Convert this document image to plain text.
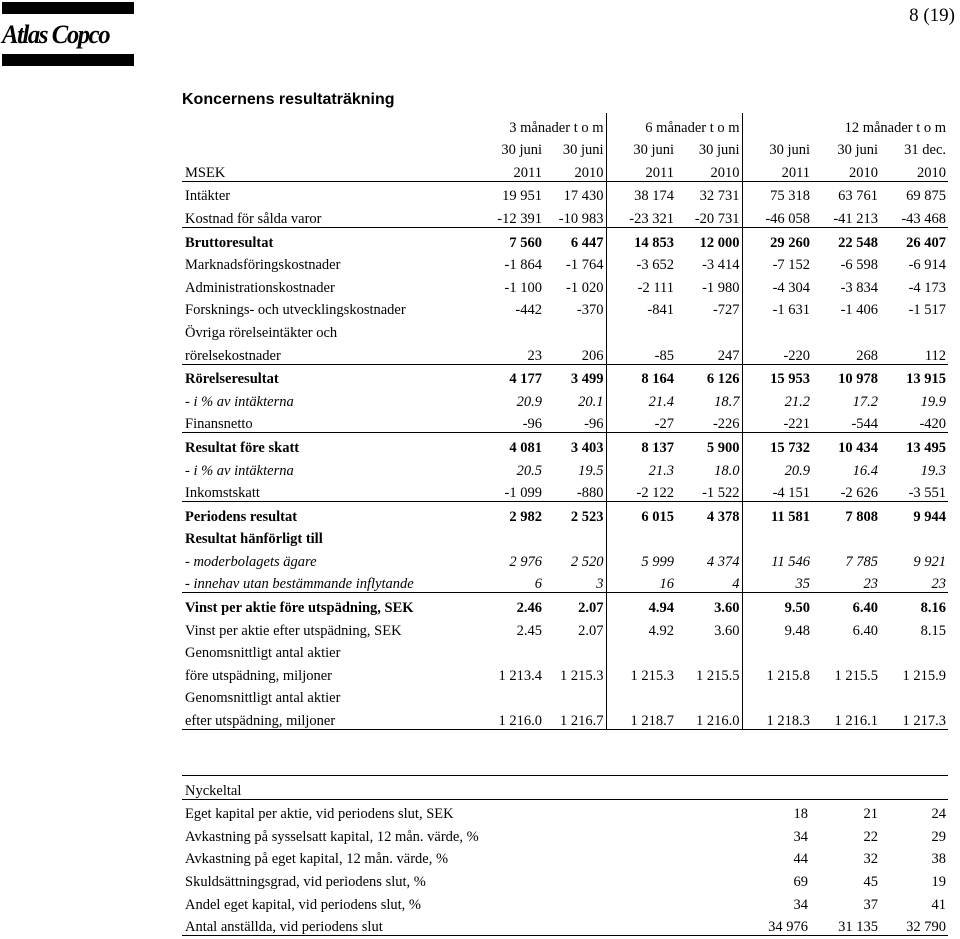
Atlas Copco
8 (19)
Koncernens resultaträkning
	3 månader t o m		6 månader t o m		12 månader t o m		
	30 juni	30 juni	30 juni	30 juni	30 juni	30 juni	31 dec.
MSEK	2011	2010	2011	2010	2011	2010	2010
Intäkter	19 951	17 430	38 174	32 731	75 318	63 761	69 875
Kostnad för sålda varor	-12 391	-10 983	-23 321	-20 731	-46 058	-41 213	-43 468
Bruttoresultat	7 560	6 447	14 853	12 000	29 260	22 548	26 407
Marknadsföringskostnader	-1 864	-1 764	-3 652	-3 414	-7 152	-6 598	-6 914
Administrationskostnader	-1 100	-1 020	-2 111	-1 980	-4 304	-3 834	-4 173
Forsknings- och utvecklingskostnader	-442	-370	-841	-727	-1 631	-1 406	-1 517
Övriga rörelseintäkter och							
rörelsekostnader	23	206	-85	247	-220	268	112
Rörelseresultat	4 177	3 499	8 164	6 126	15 953	10 978	13 915
- i % av intäkterna	20.9	20.1	21.4	18.7	21.2	17.2	19.9
Finansnetto	-96	-96	-27	-226	-221	-544	-420
Resultat före skatt	4 081	3 403	8 137	5 900	15 732	10 434	13 495
- i % av intäkterna	20.5	19.5	21.3	18.0	20.9	16.4	19.3
Inkomstskatt	-1 099	-880	-2 122	-1 522	-4 151	-2 626	-3 551
Periodens resultat	2 982	2 523	6 015	4 378	11 581	7 808	9 944
Resultat hänförligt till							
- moderbolagets ägare	2 976	2 520	5 999	4 374	11 546	7 785	9 921
- innehav utan bestämmande inflytande	6	3	16	4	35	23	23
Vinst per aktie före utspädning, SEK	2.46	2.07	4.94	3.60	9.50	6.40	8.16
Vinst per aktie efter utspädning, SEK	2.45	2.07	4.92	3.60	9.48	6.40	8.15
Genomsnittligt antal aktier							
före utspädning, miljoner	1 213.4	1 215.3	1 215.3	1 215.5	1 215.8	1 215.5	1 215.9
Genomsnittligt antal aktier							
efter utspädning, miljoner	1 216.0	1 216.7	1 218.7	1 216.0	1 218.3	1 216.1	1 217.3
Nyckeltal			
Eget kapital per aktie, vid periodens slut, SEK	18	21	24
Avkastning på sysselsatt kapital, 12 mån. värde, %	34	22	29
Avkastning på eget kapital, 12 mån. värde, %	44	32	38
Skuldsättningsgrad, vid periodens slut, %	69	45	19
Andel eget kapital, vid periodens slut, %	34	37	41
Antal anställda, vid periodens slut	34 976	31 135	32 790
